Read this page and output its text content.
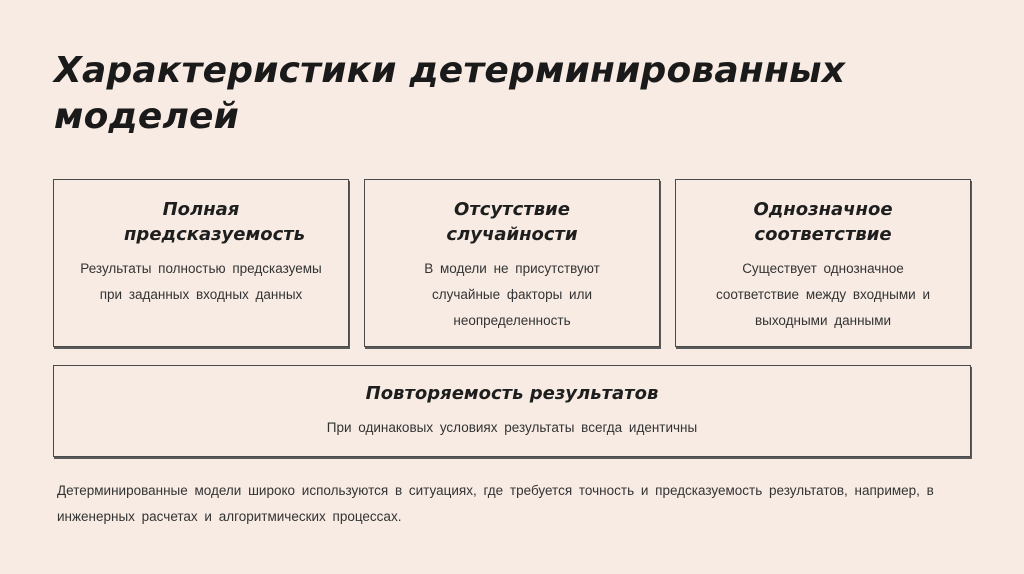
Характеристики детерминированных моделей
Полная предсказуемость

Результаты полностью предсказуемы при заданных входных данных

Отсутствие случайности

В модели не присутствуют случайные факторы или неопределенность

Однозначное соответствие

Существует однозначное соответствие между входными и выходными данными

Повторяемость результатов

При одинаковых условиях результаты всегда идентичны

Детерминированные модели широко используются в ситуациях, где требуется точность и предсказуемость результатов, например, в инженерных расчетах и алгоритмических процессах.
